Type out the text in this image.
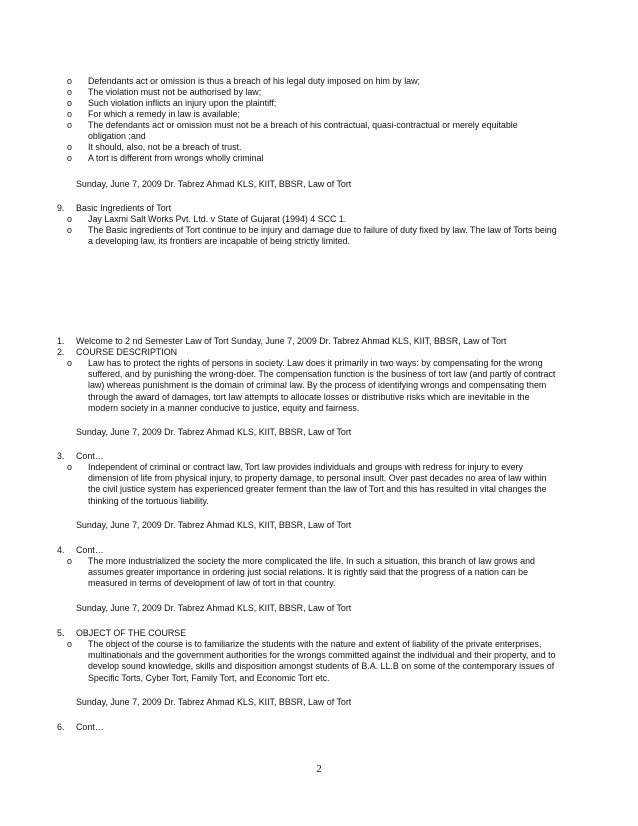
o Defendants act or omission is thus a breach of his legal duty imposed on him by law;
o The violation must not be authorised by law;
o Such violation inflicts an injury upon the plaintiff;
o For which a remedy in law is available;
o The defendants act or omission must not be a breach of his contractual, quasi-contractual or merely equitable obligation ;and
o It should, also, not be a breach of trust.
o A tort is different from wrongs wholly criminal
Sunday, June 7, 2009 Dr. Tabrez Ahmad KLS, KIIT, BBSR, Law of Tort
9. Basic Ingredients of Tort
o Jay Laxmi Salt Works Pvt. Ltd. v State of Gujarat (1994) 4 SCC 1.
o The Basic ingredients of Tort continue to be injury and damage due to failure of duty fixed by law. The law of Torts being a developing law, its frontiers are incapable of being strictly limited.
1. Welcome to 2 nd Semester Law of Tort Sunday, June 7, 2009 Dr. Tabrez Ahmad KLS, KIIT, BBSR, Law of Tort
2. COURSE DESCRIPTION
o Law has to protect the rights of persons in society. Law does it primarily in two ways: by compensating for the wrong suffered, and by punishing the wrong-doer. The compensation function is the business of tort law (and partly of contract law) whereas punishment is the domain of criminal law. By the process of identifying wrongs and compensating them through the award of damages, tort law attempts to allocate losses or distributive risks which are inevitable in the modern society in a manner conducive to justice, equity and fairness.
Sunday, June 7, 2009 Dr. Tabrez Ahmad KLS, KIIT, BBSR, Law of Tort
3. Cont…
o Independent of criminal or contract law, Tort law provides individuals and groups with redress for injury to every dimension of life from physical injury, to property damage, to personal insult. Over past decades no area of law within the civil justice system has experienced greater ferment than the law of Tort and this has resulted in vital changes the thinking of the tortuous liability.
Sunday, June 7, 2009 Dr. Tabrez Ahmad KLS, KIIT, BBSR, Law of Tort
4. Cont…
o The more industrialized the society the more complicated the life. In such a situation, this branch of law grows and assumes greater importance in ordering just social relations. It is rightly said that the progress of a nation can be measured in terms of development of law of tort in that country.
Sunday, June 7, 2009 Dr. Tabrez Ahmad KLS, KIIT, BBSR, Law of Tort
5. OBJECT OF THE COURSE
o The object of the course is to familiarize the students with the nature and extent of liability of the private enterprises, multinationals and the government authorities for the wrongs committed against the individual and their property, and to develop sound knowledge, skills and disposition amongst students of B.A. LL.B on some of the contemporary issues of Specific Torts, Cyber Tort, Family Tort, and Economic Tort etc.
Sunday, June 7, 2009 Dr. Tabrez Ahmad KLS, KIIT, BBSR, Law of Tort
6. Cont…
2
